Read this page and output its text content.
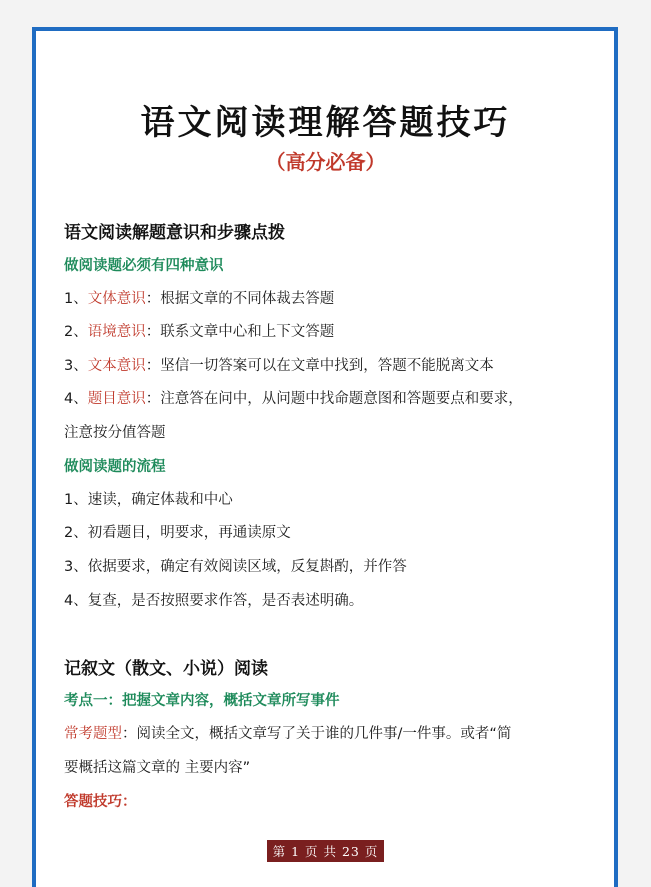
语文阅读理解答题技巧
（高分必备）
语文阅读解题意识和步骤点拨
做阅读题必须有四种意识
1、文体意识：根据文章的不同体裁去答题
2、语境意识：联系文章中心和上下文答题
3、文本意识：坚信一切答案可以在文章中找到，答题不能脱离文本
4、题目意识：注意答在问中，从问题中找命题意图和答题要点和要求，
注意按分值答题
做阅读题的流程
1、速读，确定体裁和中心
2、初看题目，明要求，再通读原文
3、依据要求，确定有效阅读区域，反复斟酌，并作答
4、复查，是否按照要求作答，是否表述明确。
记叙文（散文、小说）阅读
考点一：把握文章内容，概括文章所写事件
常考题型：阅读全文，概括文章写了关于谁的几件事/一件事。或者“简
要概括这篇文章的 主要内容”
答题技巧：
第 1 页 共 23 页
